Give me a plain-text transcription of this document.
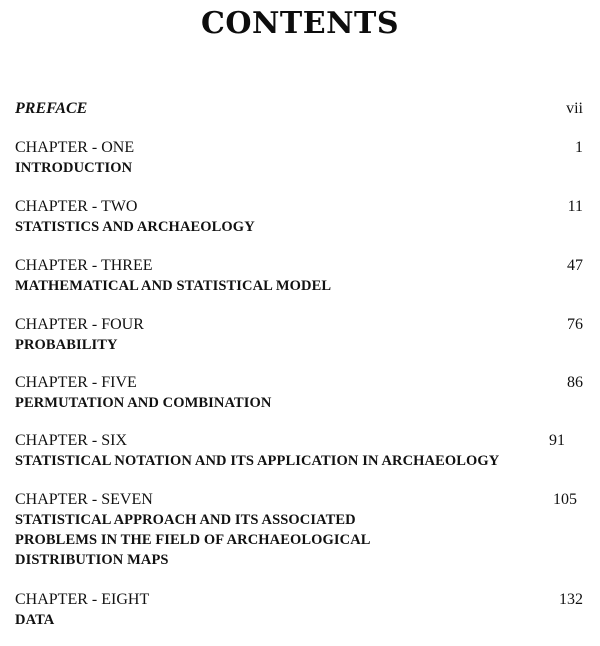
CONTENTS
PREFACE	vii
CHAPTER - ONE
INTRODUCTION
1
CHAPTER - TWO
STATISTICS AND ARCHAEOLOGY
11
CHAPTER - THREE
MATHEMATICAL AND STATISTICAL MODEL
47
CHAPTER - FOUR
PROBABILITY
76
CHAPTER - FIVE
PERMUTATION AND COMBINATION
86
CHAPTER - SIX
STATISTICAL NOTATION AND ITS APPLICATION IN ARCHAEOLOGY
91
CHAPTER - SEVEN
STATISTICAL APPROACH AND ITS ASSOCIATED
PROBLEMS IN THE FIELD OF ARCHAEOLOGICAL
DISTRIBUTION MAPS
105
CHAPTER - EIGHT
DATA
132
